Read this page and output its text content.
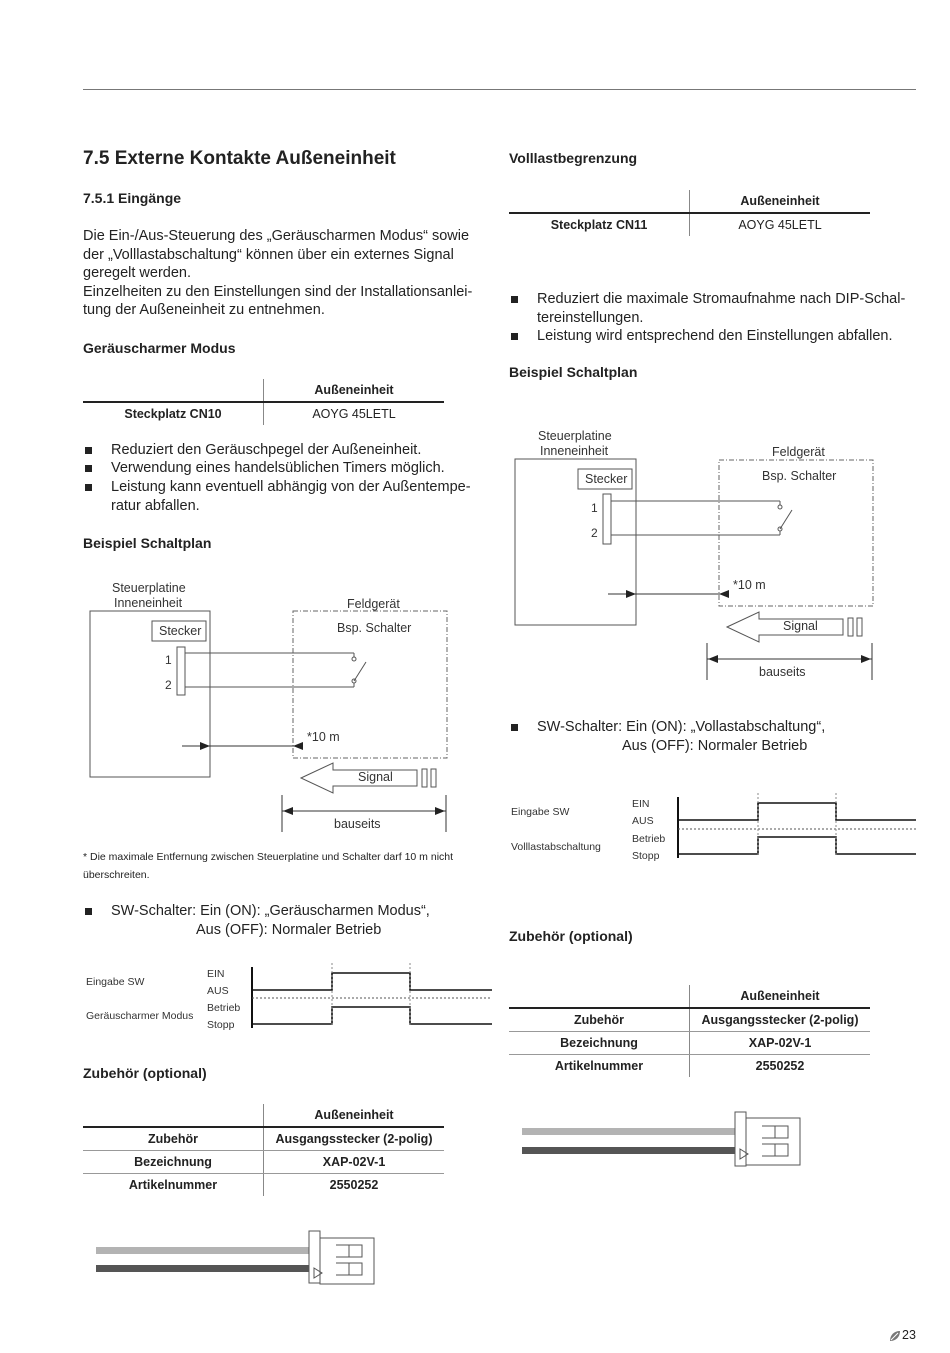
7.5 Externe Kontakte Außeneinheit
7.5.1 Eingänge
Die Ein-/Aus-Steuerung des „Geräuscharmen Modus“ sowie
der „Volllastabschaltung“ können über ein externes Signal
geregelt werden.
Einzelheiten zu den Einstellungen sind der Installationsanlei-
tung der Außeneinheit zu entnehmen.
Geräuscharmer Modus
	Außeneinheit
Steckplatz CN10	AOYG 45LETL
Reduziert den Geräuschpegel der Außeneinheit.
Verwendung eines handelsüblichen Timers möglich.
Leistung kann eventuell abhängig von der Außentempe-
ratur abfallen.
Beispiel Schaltplan
Steuerplatine
Inneneinheit
Stecker
1
2
Feldgerät
Bsp. Schalter
*10 m
Signal
bauseits
* Die maximale Entfernung zwischen Steuerplatine und Schalter darf 10 m nicht
überschreiten.
SW-Schalter: Ein (ON): „Geräuscharmen Modus“,
Aus (OFF): Normaler Betrieb
Eingabe SW
Geräuscharmer Modus
EIN
AUS
Betrieb
Stopp
Zubehör (optional)
	Außeneinheit
Zubehör	Ausgangsstecker (2-polig)
Bezeichnung	XAP-02V-1
Artikelnummer	2550252
Volllastbegrenzung
	Außeneinheit
Steckplatz CN11	AOYG 45LETL
Reduziert die maximale Stromaufnahme nach DIP-Schal-
tereinstellungen.
Leistung wird entsprechend den Einstellungen abfallen.
Beispiel Schaltplan
Steuerplatine
Inneneinheit
Stecker
1
2
Feldgerät
Bsp. Schalter
*10 m
Signal
bauseits
SW-Schalter: Ein (ON): „Vollastabschaltung“,
Aus (OFF): Normaler Betrieb
Eingabe SW
Volllastabschaltung
EIN
AUS
Betrieb
Stopp
Zubehör (optional)
	Außeneinheit
Zubehör	Ausgangsstecker (2-polig)
Bezeichnung	XAP-02V-1
Artikelnummer	2550252
23
